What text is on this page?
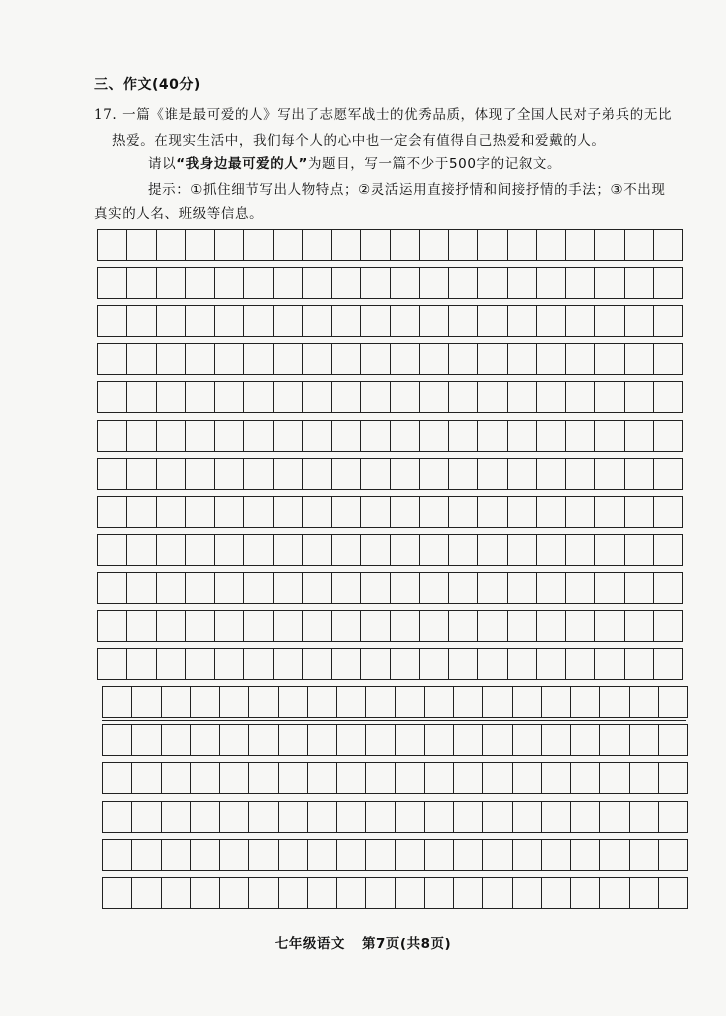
三、作文(40分)
17. 一篇《谁是最可爱的人》写出了志愿军战士的优秀品质，体现了全国人民对子弟兵的无比
热爱。在现实生活中，我们每个人的心中也一定会有值得自己热爱和爱戴的人。
请以“我身边最可爱的人”为题目，写一篇不少于500字的记叙文。
提示：①抓住细节写出人物特点；②灵活运用直接抒情和间接抒情的手法；③不出现
真实的人名、班级等信息。
七年级语文 第7页(共8页)
